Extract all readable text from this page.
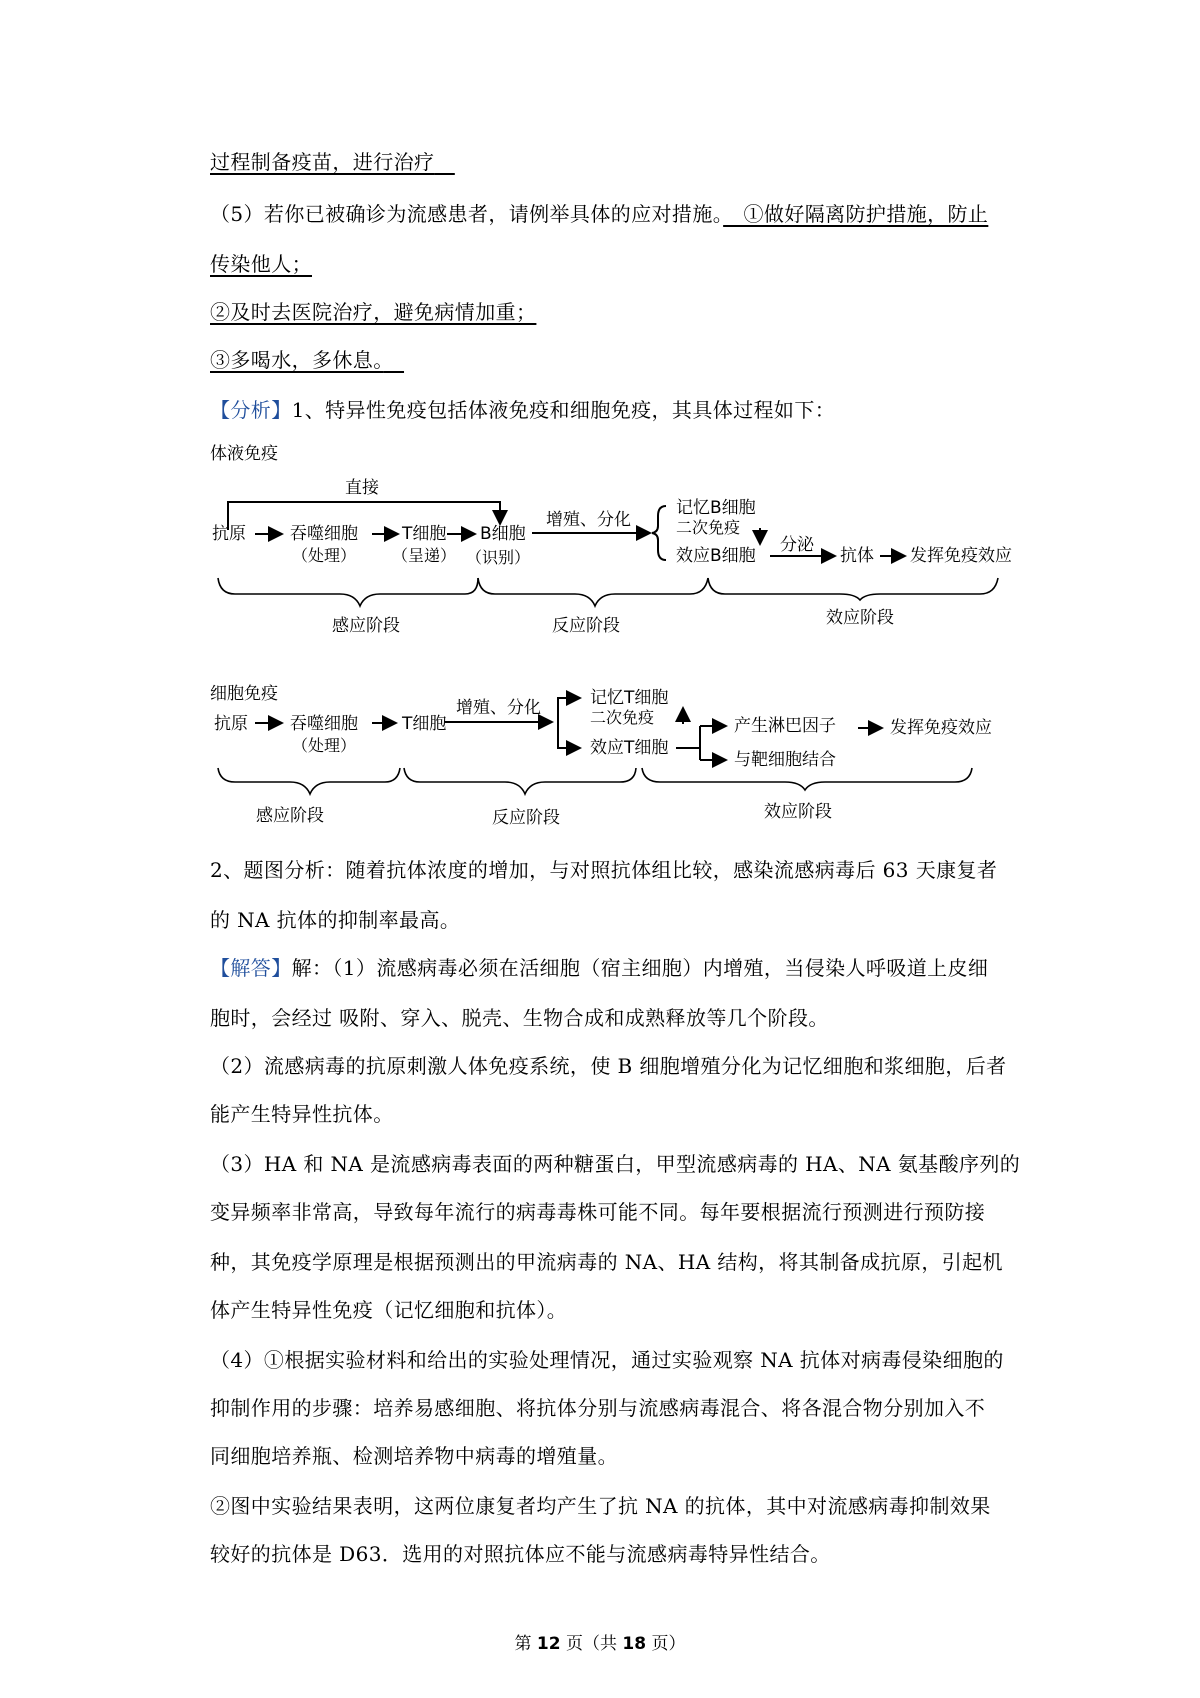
过程制备疫苗，进行治疗　
（5）若你已被确诊为流感患者，请例举具体的应对措施。　①做好隔离防护措施，防止
传染他人；
②及时去医院治疗，避免病情加重；
③多喝水，多休息。　
【分析】1、特异性免疫包括体液免疫和细胞免疫，其具体过程如下：
体液免疫
直接
抗原	吞噬细胞
（处理）
T细胞
（呈递）
B细胞
（识别）
增殖、分化
记忆B细胞
二次免疫
效应B细胞
分泌
抗体 发挥免疫效应
感应阶段	反应阶段	效应阶段
细胞免疫
抗原 吞噬细胞
（处理）
T细胞
增殖、分化	记忆T细胞
二次免疫
效应T细胞
产生淋巴因子	发挥免疫效应
与靶细胞结合
感应阶段	反应阶段	效应阶段
2、题图分析：随着抗体浓度的增加，与对照抗体组比较，感染流感病毒后 63 天康复者
的 NA 抗体的抑制率最高。
【解答】解：（1）流感病毒必须在活细胞（宿主细胞）内增殖，当侵染人呼吸道上皮细
胞时，会经过 吸附、穿入、脱壳、生物合成和成熟释放等几个阶段。
（2）流感病毒的抗原刺激人体免疫系统，使 B 细胞增殖分化为记忆细胞和浆细胞，后者
能产生特异性抗体。
（3）HA 和 NA 是流感病毒表面的两种糖蛋白，甲型流感病毒的 HA、NA 氨基酸序列的
变异频率非常高，导致每年流行的病毒毒株可能不同。每年要根据流行预测进行预防接
种，其免疫学原理是根据预测出的甲流病毒的 NA、HA 结构，将其制备成抗原，引起机
体产生特异性免疫（记忆细胞和抗体）。
（4）①根据实验材料和给出的实验处理情况，通过实验观察 NA 抗体对病毒侵染细胞的
抑制作用的步骤：培养易感细胞、将抗体分别与流感病毒混合、将各混合物分别加入不
同细胞培养瓶、检测培养物中病毒的增殖量。
②图中实验结果表明，这两位康复者均产生了抗 NA 的抗体，其中对流感病毒抑制效果
较好的抗体是 D63．选用的对照抗体应不能与流感病毒特异性结合。
第 12 页（共 18 页）
